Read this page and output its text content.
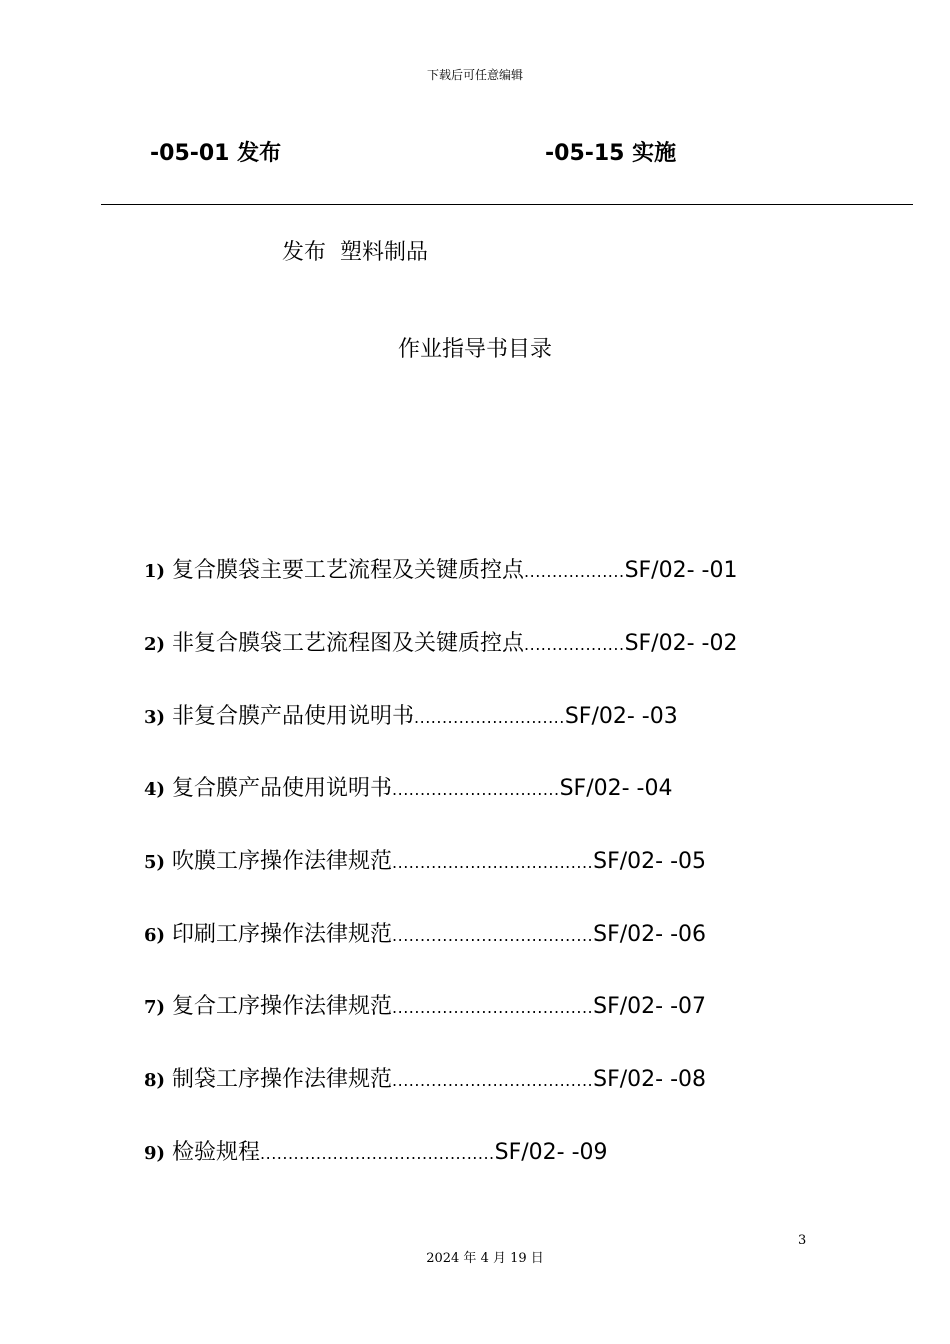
下载后可任意编辑
-05-01 发布	-05-15 实施
发布 塑料制品
作业指导书目录
1) 复合膜袋主要工艺流程及关键质控点 .................. SF/02- -01
2) 非复合膜袋工艺流程图及关键质控点 .................. SF/02- -02
3) 非复合膜产品使用说明书 ........................... SF/02- -03
4) 复合膜产品使用说明书 .............................. SF/02- -04
5) 吹膜工序操作法律规范 .................................... SF/02- -05
6) 印刷工序操作法律规范 .................................... SF/02- -06
7) 复合工序操作法律规范 .................................... SF/02- -07
8) 制袋工序操作法律规范 .................................... SF/02- -08
9) 检验规程 .......................................... SF/02- -09
3
2024 年 4 月 19 日
